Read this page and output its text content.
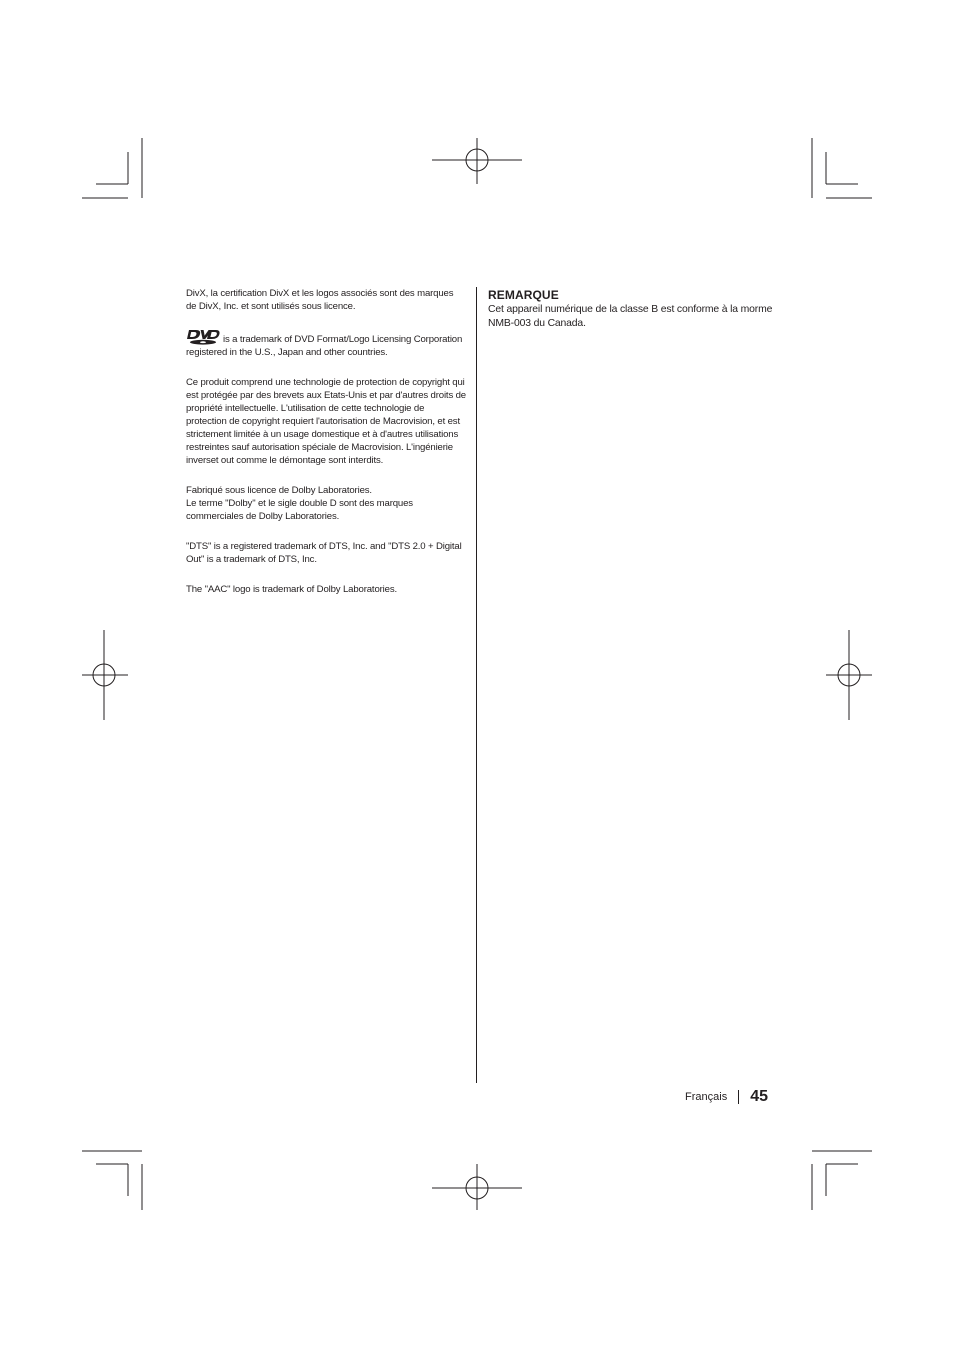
DivX, la certification DivX et les logos associés sont des marques de DivX, Inc. et sont utilisés sous licence.

is a trademark of DVD Format/Logo Licensing Corporation registered in the U.S., Japan and other countries.

Ce produit comprend une technologie de protection de copyright qui est protégée par des brevets aux Etats-Unis et par d'autres droits de propriété intellectuelle. L'utilisation de cette technologie de protection de copyright requiert l'autorisation de Macrovision, et est strictement limitée à un usage domestique et à d'autres utilisations restreintes sauf autorisation spéciale de Macrovision. L'ingénierie inverset out comme le démontage sont interdits.

Fabriqué sous licence de Dolby Laboratories.
Le terme "Dolby" et le sigle double D sont des marques commerciales de Dolby Laboratories.

"DTS" is a registered trademark of DTS, Inc. and "DTS 2.0 + Digital Out" is a trademark of DTS, Inc.

The "AAC" logo is trademark of Dolby Laboratories.

REMARQUE

Cet appareil numérique de la classe B est conforme à la morme NMB-003 du Canada.

Français 45
